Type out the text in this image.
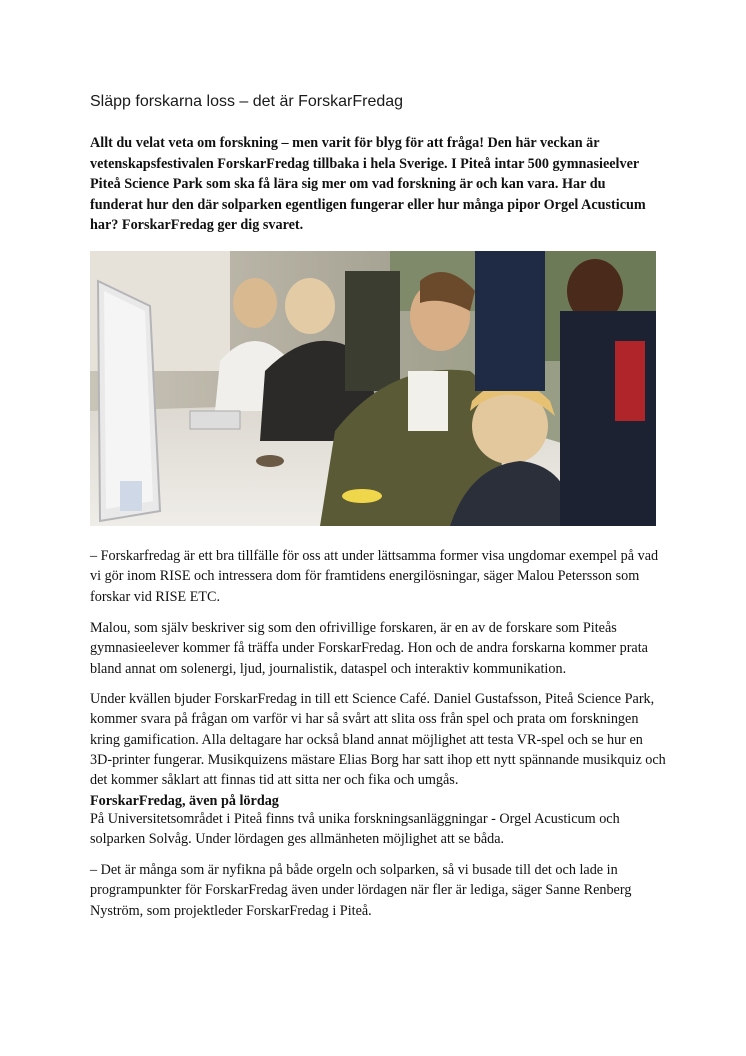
Släpp forskarna loss – det är ForskarFredag

Allt du velat veta om forskning – men varit för blyg för att fråga! Den här veckan är vetenskapsfestivalen ForskarFredag tillbaka i hela Sverige. I Piteå intar 500 gymnasieelver Piteå Science Park som ska få lära sig mer om vad forskning är och kan vara. Har du funderat hur den där solparken egentligen fungerar eller hur många pipor Orgel Acusticum har? ForskarFredag ger dig svaret.

– Forskarfredag är ett bra tillfälle för oss att under lättsamma former visa ungdomar exempel på vad vi gör inom RISE och intressera dom för framtidens energilösningar, säger Malou Petersson som forskar vid RISE ETC.

Malou, som själv beskriver sig som den ofrivillige forskaren, är en av de forskare som Piteås gymnasieelever kommer få träffa under ForskarFredag. Hon och de andra forskarna kommer prata bland annat om solenergi, ljud, journalistik, dataspel och interaktiv kommunikation.

Under kvällen bjuder ForskarFredag in till ett Science Café. Daniel Gustafsson, Piteå Science Park, kommer svara på frågan om varför vi har så svårt att slita oss från spel och prata om forskningen kring gamification. Alla deltagare har också bland annat möjlighet att testa VR-spel och se hur en 3D-printer fungerar. Musikquizens mästare Elias Borg har satt ihop ett nytt spännande musikquiz och det kommer såklart att finnas tid att sitta ner och fika och umgås.

ForskarFredag, även på lördag

På Universitetsområdet i Piteå finns två unika forskningsanläggningar - Orgel Acusticum och solparken Solvåg. Under lördagen ges allmänheten möjlighet att se båda.

– Det är många som är nyfikna på både orgeln och solparken, så vi busade till det och lade in programpunkter för ForskarFredag även under lördagen när fler är lediga, säger Sanne Renberg Nyström, som projektleder ForskarFredag i Piteå.
